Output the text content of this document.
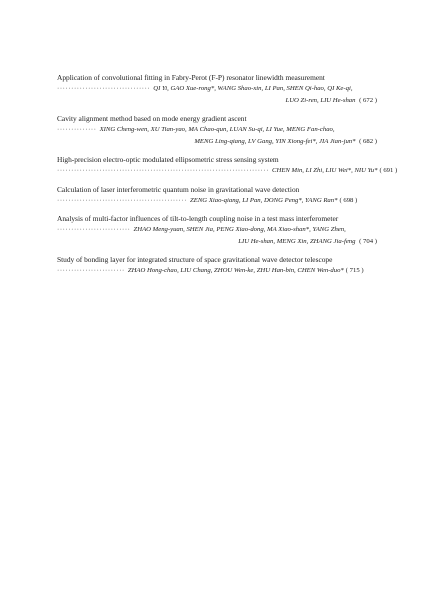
Application of convolutional fitting in Fabry-Perot (F-P) resonator linewidth measurement
································· QI Yi, GAO Xue-rong*, WANG Shao-xin, LI Pan, SHEN Qi-hao, QI Ke-qi,
LUO Zi-ren, LIU He-shan ( 672 )
Cavity alignment method based on mode energy gradient ascent
·············· XING Cheng-wen, XU Tian-yao, MA Chao-qun, LUAN Su-qi, LI Yue, MENG Fan-chao,
MENG Ling-qiang, LV Gang, YIN Xiong-fei*, JIA Jian-jun* ( 682 )
High-precision electro-optic modulated ellipsometric stress sensing system
··········································································· CHEN Min, LI Zhi, LIU Wei*, NIU Yu* ( 691 )
Calculation of laser interferometric quantum noise in gravitational wave detection
·············································· ZENG Xiao-qiang, LI Pan, DONG Peng*, YANG Ran* ( 698 )
Analysis of multi-factor influences of tilt-to-length coupling noise in a test mass interferometer
·························· ZHAO Meng-yuan, SHEN Jia, PENG Xiao-dong, MA Xiao-shan*, YANG Zhen,
LIU He-shan, MENG Xin, ZHANG Jia-feng ( 704 )
Study of bonding layer for integrated structure of space gravitational wave detector telescope
························ ZHAO Hong-chao, LIU Chang, ZHOU Wen-ke, ZHU Han-bin, CHEN Wen-duo* ( 715 )
